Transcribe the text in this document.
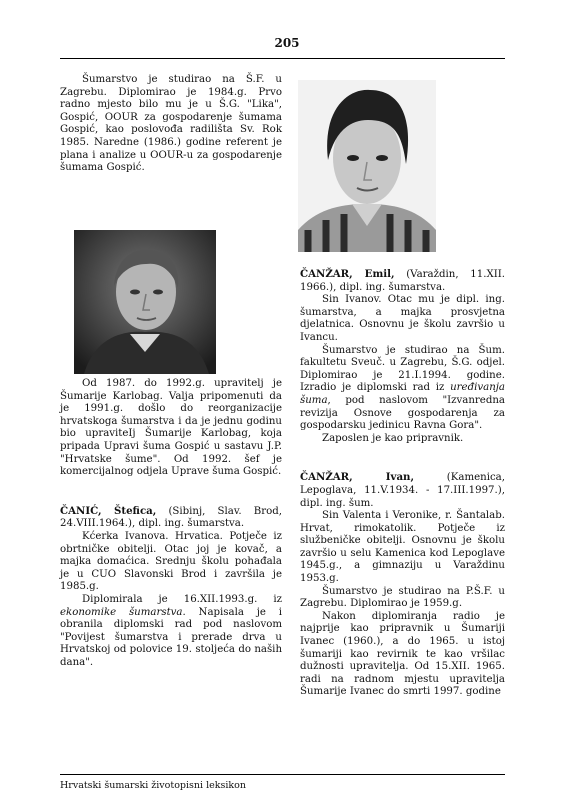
205

Šumarstvo je studirao na Š.F. u Zagrebu. Diplomirao je 1984.g. Prvo radno mjesto bilo mu je u Š.G. "Lika", Gospić, OOUR za gospodarenje šumama Gospić, kao poslovođa radilišta Sv. Rok 1985. Naredne (1986.) godine referent je plana i analize u OOUR-u za gospodarenje šumama Gospić.

Od 1987. do 1992.g. upravitelj je Šumarije Karlobag. Valja pripomenuti da je 1991.g. došlo do reorganizacije hrvatskoga šumarstva i da je jednu godinu bio upraviteIj Šumarije Karlobag, koja pripada Upravi šuma Gospić u sastavu J.P. "Hrvatske šume". Od 1992. šef je komercijalnog odjela Uprave šuma Gospić.

ČANIĆ, Štefica, (Sibinj, Slav. Brod, 24.VIII.1964.), dipl. ing. šumarstva.

Kćerka Ivanova. Hrvatica. Potječe iz obrtničke obitelji. Otac joj je kovač, a majka domaćica. Srednju školu pohađala je u CUO Slavonski Brod i završila je 1985.g.

Diplomirala je 16.XII.1993.g. iz ekonomike šumarstva. Napisala je i obranila diplomski rad pod naslovom "Povijest šumarstva i prerade drva u Hrvatskoj od polovice 19. stoljeća do naših dana".

ČANŽAR, Emil, (Varaždin, 11.XII. 1966.), dipl. ing. šumarstva.

Sin Ivanov. Otac mu je dipl. ing. šumarstva, a majka prosvjetna djelatnica. Osnovnu je školu završio u Ivancu.

Šumarstvo je studirao na Šum. fakultetu Sveuč. u Zagrebu, Š.G. odjel. Diplomirao je 21.I.1994. godine. Izradio je diplomski rad iz uređivanja šuma, pod naslovom "Izvanredna revizija Osnove gospodarenja za gospodarsku jedinicu Ravna Gora".

Zaposlen je kao pripravnik.

ČANŽAR, Ivan, (Kamenica, Lepoglava, 11.V.1934. - 17.III.1997.), dipl. ing. šum.

Sin Valenta i Veronike, r. Šantalab. Hrvat, rimokatolik. Potječe iz službeničke obitelji. Osnovnu je školu završio u selu Kamenica kod Lepoglave 1945.g., a gimnaziju u Varaždinu 1953.g.

Šumarstvo je studirao na P.Š.F. u Zagrebu. Diplomirao je 1959.g.

Nakon diplomiranja radio je najprije kao pripravnik u Šumariji Ivanec (1960.), a do 1965. u istoj šumariji kao revirnik te kao vršilac dužnosti upravitelja. Od 15.XII. 1965. radi na radnom mjestu upravitelja Šumarije Ivanec do smrti 1997. godine

Hrvatski šumarski životopisni leksikon
